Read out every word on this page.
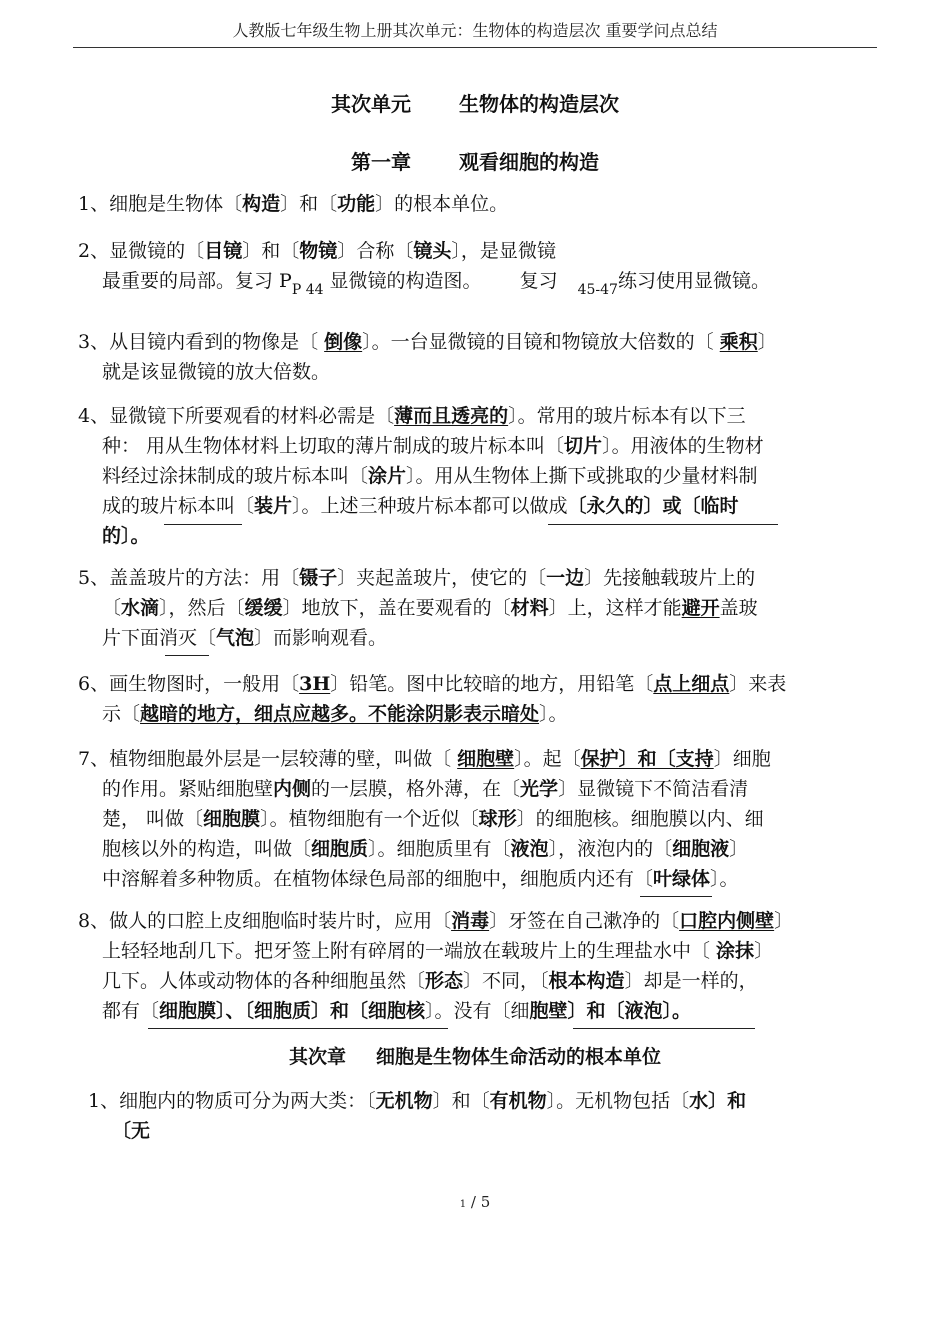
人教版七年级生物上册其次单元：生物体的构造层次 重要学问点总结
其次单元 生物体的构造层次
第一章 观看细胞的构造
1、细胞是生物体〔构造〕和〔功能〕的根本单位。
2、显微镜的〔目镜〕和〔物镜〕合称〔镜头〕，是显微镜
最重要的局部。复习 $P_{P 44}$ 显微镜的构造图。 复习 $_{45-47}$练习使用显微镜。
3、从目镜内看到的物像是〔 倒像〕。一台显微镜的目镜和物镜放大倍数的〔 乘积〕
就是该显微镜的放大倍数。
4、显微镜下所要观看的材料必需是〔薄而且透亮的〕。常用的玻片标本有以下三
种： 用从生物体材料上切取的薄片制成的玻片标本叫〔切片〕。用液体的生物材
料经过涂抹制成的玻片标本叫〔涂片〕。用从生物体上撕下或挑取的少量材料制
成的玻片标本叫〔装片〕。上述三种玻片标本都可以做成〔永久的〕或〔临时
的〕。
5、盖盖玻片的方法：用〔镊子〕夹起盖玻片，使它的〔一边〕先接触载玻片上的
〔水滴〕，然后〔缓缓〕地放下，盖在要观看的〔材料〕上，这样才能避开盖玻
片下面消灭〔气泡〕而影响观看。
6、画生物图时，一般用〔3H〕铅笔。图中比较暗的地方，用铅笔〔点上细点〕来表
示〔越暗的地方，细点应越多。不能涂阴影表示暗处〕。
7、植物细胞最外层是一层较薄的壁，叫做〔 细胞壁〕。起〔保护〕和〔支持〕细胞
的作用。紧贴细胞壁内侧的一层膜，格外薄，在〔光学〕显微镜下不简洁看清
楚， 叫做〔细胞膜〕。植物细胞有一个近似〔球形〕的细胞核。细胞膜以内、细
胞核以外的构造，叫做〔细胞质〕。细胞质里有〔液泡〕，液泡内的〔细胞液〕
中溶解着多种物质。在植物体绿色局部的细胞中，细胞质内还有〔叶绿体〕。
8、做人的口腔上皮细胞临时装片时，应用〔消毒〕牙签在自己漱净的〔口腔内侧壁〕
上轻轻地刮几下。把牙签上附有碎屑的一端放在载玻片上的生理盐水中〔 涂抹〕
几下。人体或动物体的各种细胞虽然〔形态〕不同，〔根本构造〕却是一样的，
都有〔细胞膜〕、〔细胞质〕和〔细胞核〕。没有〔细胞壁〕和〔液泡〕。
其次章 细胞是生物体生命活动的根本单位
1、细胞内的物质可分为两大类：〔无机物〕和〔有机物〕。无机物包括〔水〕和
〔无
1 / 5
